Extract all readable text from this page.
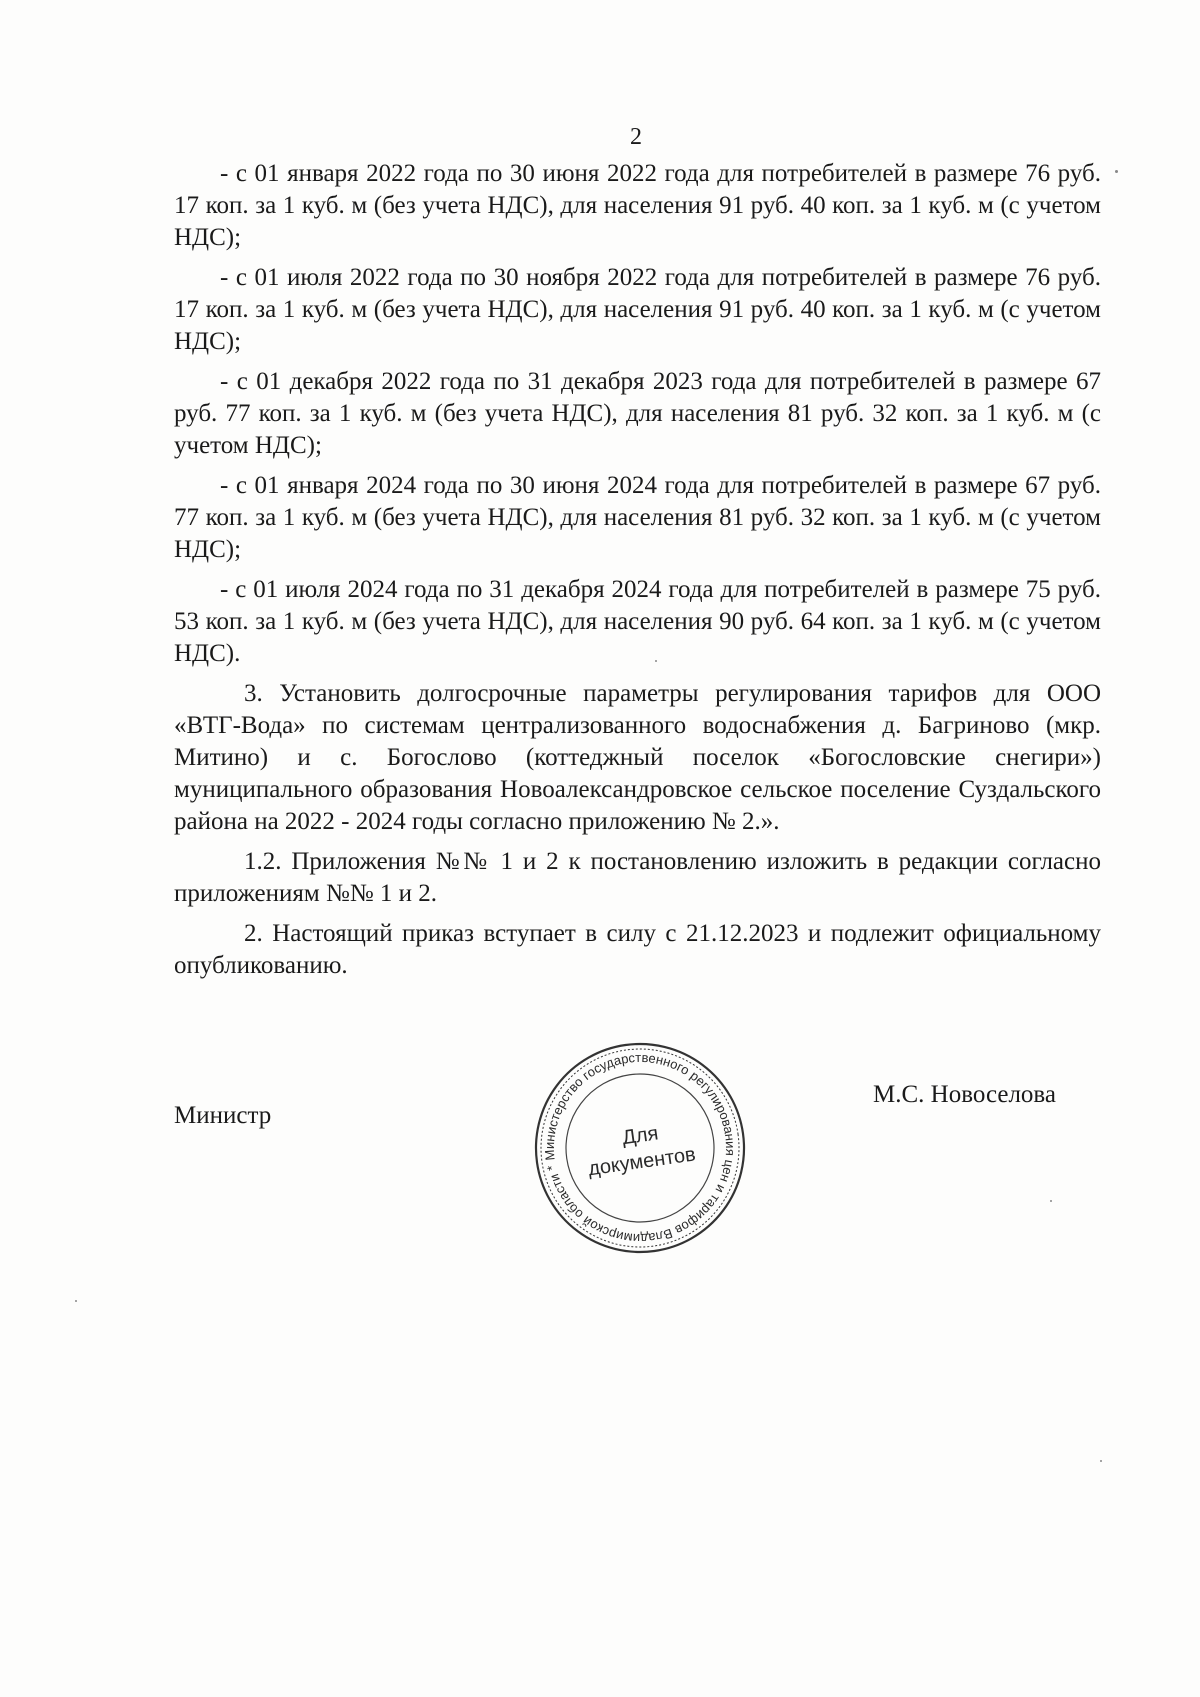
2

- с 01 января 2022 года по 30 июня 2022 года для потребителей в размере 76 руб. 17 коп. за 1 куб. м (без учета НДС), для населения 91 руб. 40 коп. за 1 куб. м (с учетом НДС);

- с 01 июля 2022 года по 30 ноября 2022 года для потребителей в размере 76 руб. 17 коп. за 1 куб. м (без учета НДС), для населения 91 руб. 40 коп. за 1 куб. м (с учетом НДС);

- с 01 декабря 2022 года по 31 декабря 2023 года для потребителей в размере 67 руб. 77 коп. за 1 куб. м (без учета НДС), для населения 81 руб. 32 коп. за 1 куб. м (с учетом НДС);

- с 01 января 2024 года по 30 июня 2024 года для потребителей в размере 67 руб. 77 коп. за 1 куб. м (без учета НДС), для населения 81 руб. 32 коп. за 1 куб. м (с учетом НДС);

- с 01 июля 2024 года по 31 декабря 2024 года для потребителей в размере 75 руб. 53 коп. за 1 куб. м (без учета НДС), для населения 90 руб. 64 коп. за 1 куб. м (с учетом НДС).

3. Установить долгосрочные параметры регулирования тарифов для ООО «ВТГ-Вода» по системам централизованного водоснабжения д. Багриново (мкр. Митино) и с. Богослово (коттеджный поселок «Богословские снегири») муниципального образования Новоалександровское сельское поселение Суздальского района на 2022 - 2024 годы согласно приложению № 2.».

1.2. Приложения №№ 1 и 2 к постановлению изложить в редакции согласно приложениям №№ 1 и 2.

2. Настоящий приказ вступает в силу с 21.12.2023 и подлежит официальному опубликованию.

Министр
М.С. Новоселова
Министерство государственного регулирования цен и тарифов Владимирской области *
Для
документов
